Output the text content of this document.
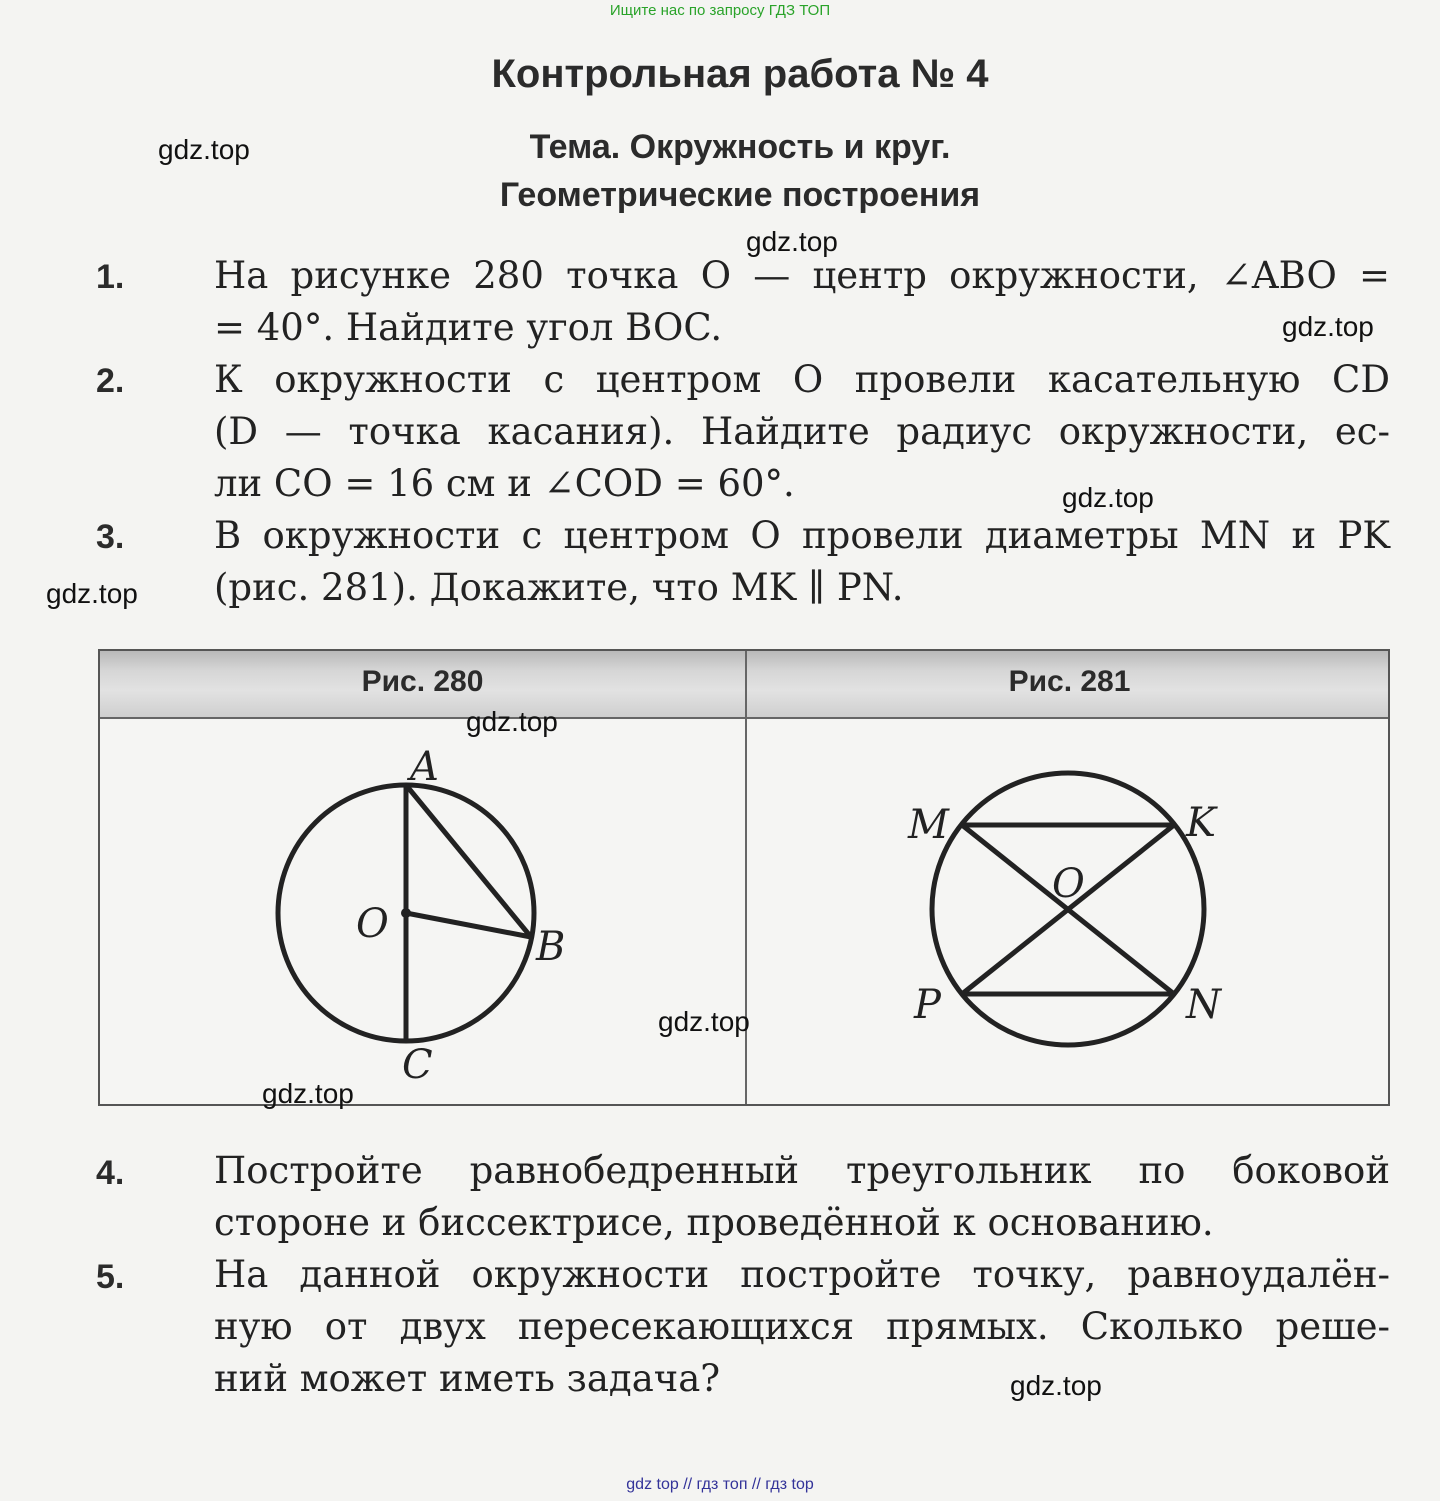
Ищите нас по запросу ГДЗ ТОП
Контрольная работа № 4
Тема. Окружность и круг.
Геометрические построения
1. На рисунке 280 точка O — центр окружности, ∠ABO =
= 40°. Найдите угол BOC.
2. К окружности с центром O провели касательную CD
(D — точка касания). Найдите радиус окружности, ес-
ли CO = 16 см и ∠COD = 60°.
3. В окружности с центром O провели диаметры MN и PK
(рис. 281). Докажите, что MK ∥ PN.
Рис. 280	Рис. 281
A
O	B
C
M	K
O
P	N
4. Постройте равнобедренный треугольник по боковой
стороне и биссектрисе, проведённой к основанию.
5. На данной окружности постройте точку, равноудалён-
ную от двух пересекающихся прямых. Сколько реше-
ний может иметь задача?
gdz.top
gdz.top
gdz.top
gdz.top
gdz.top
gdz.top
gdz.top
gdz.top
gdz.top
gdz top // гдз топ // гдз top
